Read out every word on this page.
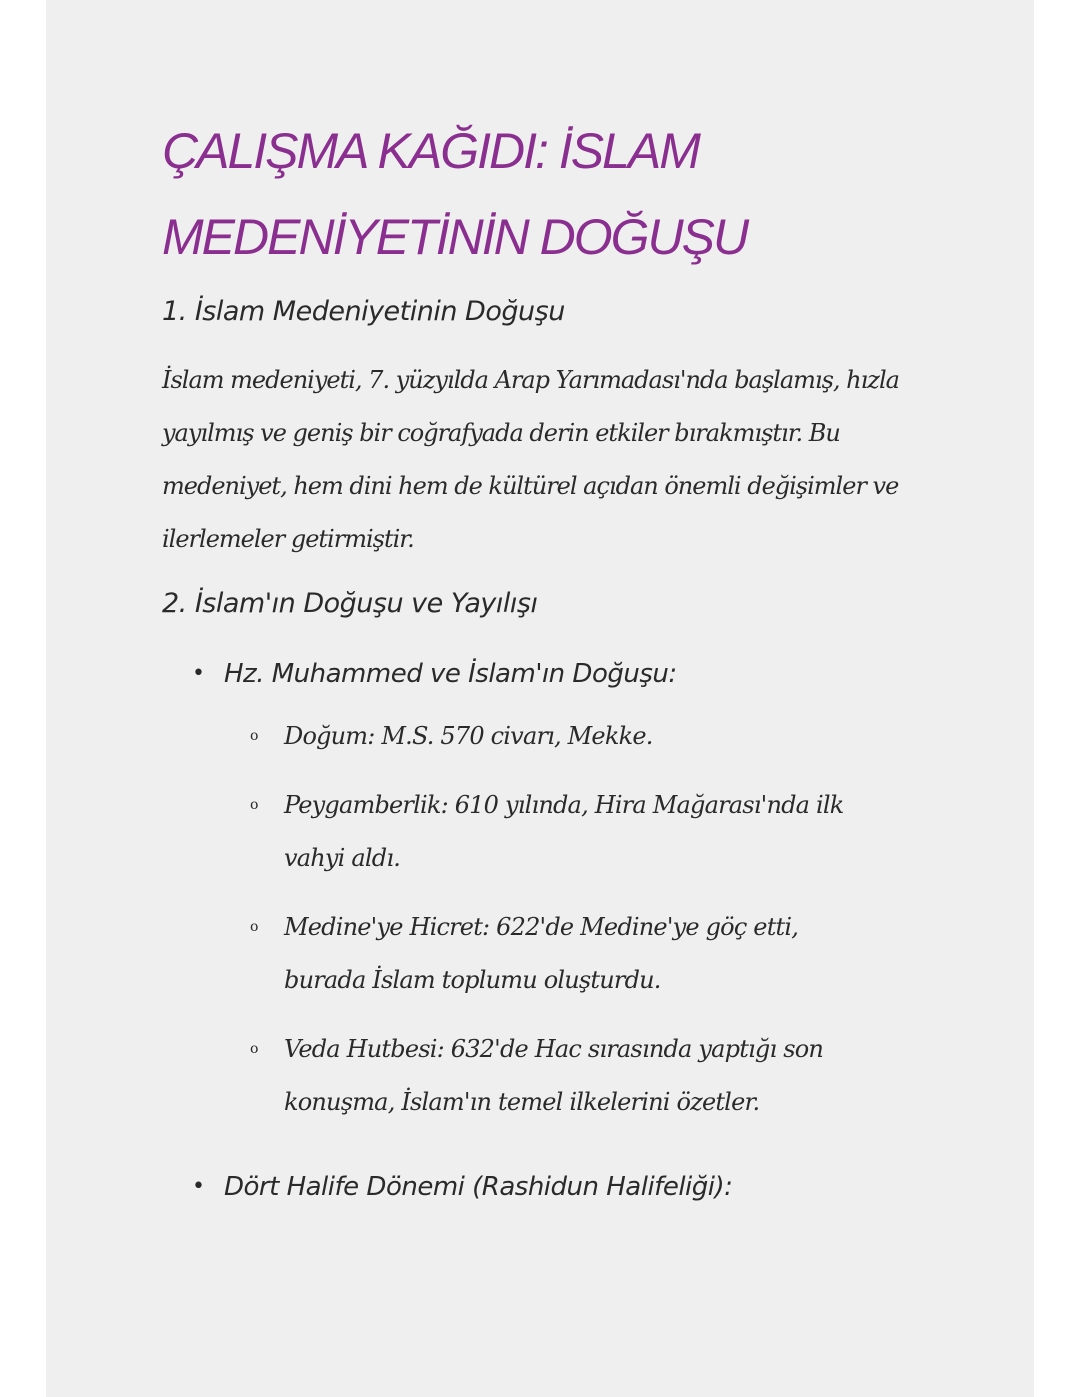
ÇALIŞMA KAĞIDI: İSLAM
MEDENİYETİNİN DOĞUŞU
1. İslam Medeniyetinin Doğuşu

İslam medeniyeti, 7. yüzyılda Arap Yarımadası'nda başlamış, hızla yayılmış ve geniş bir coğrafyada derin etkiler bırakmıştır. Bu medeniyet, hem dini hem de kültürel açıdan önemli değişimler ve ilerlemeler getirmiştir.

2. İslam'ın Doğuşu ve Yayılışı
• Hz. Muhammed ve İslam'ın Doğuşu:
o Doğum: M.S. 570 civarı, Mekke.
o Peygamberlik: 610 yılında, Hira Mağarası'nda ilk vahyi aldı.
o Medine'ye Hicret: 622'de Medine'ye göç etti, burada İslam toplumu oluşturdu.
o Veda Hutbesi: 632'de Hac sırasında yaptığı son konuşma, İslam'ın temel ilkelerini özetler.
• Dört Halife Dönemi (Rashidun Halifeliği):
